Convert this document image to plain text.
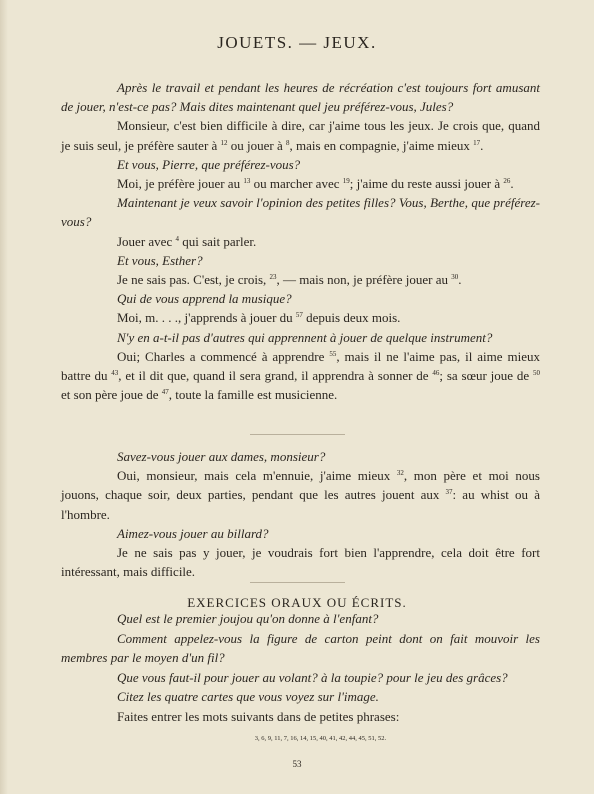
JOUETS. — JEUX.

Après le travail et pendant les heures de récréation c'est toujours fort amusant de jouer, n'est-ce pas? Mais dites maintenant quel jeu préférez-vous, Jules?

Monsieur, c'est bien difficile à dire, car j'aime tous les jeux. Je crois que, quand je suis seul, je préfère sauter à $^{12}$ ou jouer à $^8$, mais en compagnie, j'aime mieux $^{17}$.

Et vous, Pierre, que préférez-vous?

Moi, je préfère jouer au $^{13}$ ou marcher avec $^{19}$; j'aime du reste aussi jouer à $^{26}$.

Maintenant je veux savoir l'opinion des petites filles? Vous, Berthe, que préférez-vous?

Jouer avec $^4$ qui sait parler.

Et vous, Esther?

Je ne sais pas. C'est, je crois, $^{23}$, — mais non, je préfère jouer au $^{30}$.

Qui de vous apprend la musique?

Moi, m. . . ., j'apprends à jouer du $^{57}$ depuis deux mois.

N'y en a-t-il pas d'autres qui apprennent à jouer de quelque instrument?

Oui; Charles a commencé à apprendre $^{55}$, mais il ne l'aime pas, il aime mieux battre du $^{43}$, et il dit que, quand il sera grand, il apprendra à sonner de $^{46}$; sa sœur joue de $^{50}$ et son père joue de $^{47}$, toute la famille est musicienne.

Savez-vous jouer aux dames, monsieur?

Oui, monsieur, mais cela m'ennuie, j'aime mieux $^{32}$, mon père et moi nous jouons, chaque soir, deux parties, pendant que les autres jouent aux $^{37}$: au whist ou à l'hombre.

Aimez-vous jouer au billard?

Je ne sais pas y jouer, je voudrais fort bien l'apprendre, cela doit être fort intéressant, mais difficile.

EXERCICES ORAUX OU ÉCRITS.

Quel est le premier joujou qu'on donne à l'enfant?

Comment appelez-vous la figure de carton peint dont on fait mouvoir les membres par le moyen d'un fil?

Que vous faut-il pour jouer au volant? à la toupie? pour le jeu des grâces?

Citez les quatre cartes que vous voyez sur l'image.

Faites entrer les mots suivants dans de petites phrases:

3, 6, 9, 11, 7, 16, 14, 15, 40, 41, 42, 44, 45, 51, 52.
53
